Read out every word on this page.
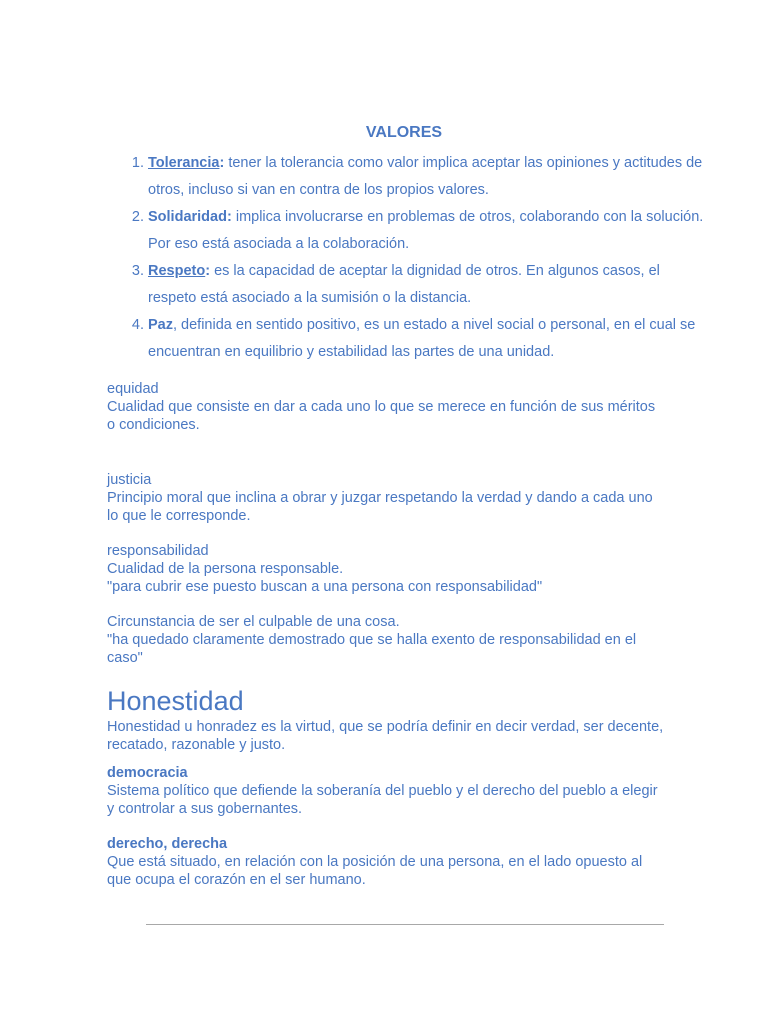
VALORES
1. Tolerancia: tener la tolerancia como valor implica aceptar las opiniones y actitudes de otros, incluso si van en contra de los propios valores.
2. Solidaridad: implica involucrarse en problemas de otros, colaborando con la solución. Por eso está asociada a la colaboración.
3. Respeto: es la capacidad de aceptar la dignidad de otros. En algunos casos, el respeto está asociado a la sumisión o la distancia.
4. Paz, definida en sentido positivo, es un estado a nivel social o personal, en el cual se encuentran en equilibrio y estabilidad las partes de una unidad.
equidad
Cualidad que consiste en dar a cada uno lo que se merece en función de sus méritos o condiciones.
justicia
Principio moral que inclina a obrar y juzgar respetando la verdad y dando a cada uno lo que le corresponde.
responsabilidad
Cualidad de la persona responsable.
"para cubrir ese puesto buscan a una persona con responsabilidad"
Circunstancia de ser el culpable de una cosa.
"ha quedado claramente demostrado que se halla exento de responsabilidad en el caso"
Honestidad
Honestidad u honradez es la virtud, que se podría definir en decir verdad, ser decente, recatado, razonable y justo.
democracia
Sistema político que defiende la soberanía del pueblo y el derecho del pueblo a elegir y controlar a sus gobernantes.
derecho, derecha
Que está situado, en relación con la posición de una persona, en el lado opuesto al que ocupa el corazón en el ser humano.
